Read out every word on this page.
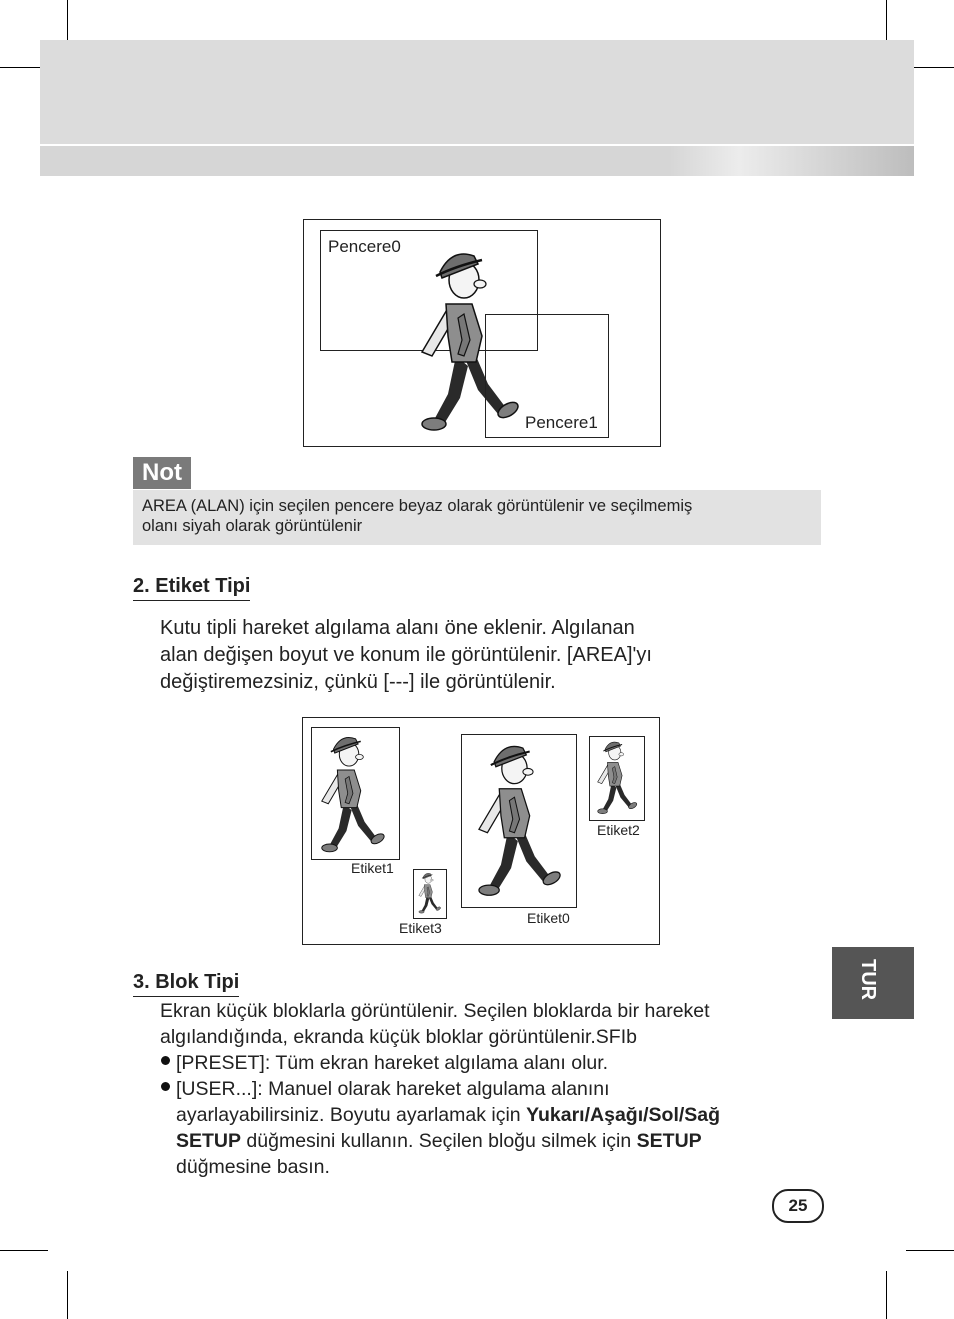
Pencere0
Pencere1
Not
AREA (ALAN) için seçilen pencere beyaz olarak görüntülenir ve seçilmemiş
olanı siyah olarak görüntülenir
2. Etiket Tipi
Kutu tipli hareket algılama alanı öne eklenir. Algılanan
alan değişen boyut ve konum ile görüntülenir. [AREA]'yı
değiştiremezsiniz, çünkü [---] ile görüntülenir.
Etiket1
Etiket3
Etiket0
Etiket2
3. Blok Tipi
Ekran küçük bloklarla görüntülenir. Seçilen bloklarda bir hareket
algılandığında, ekranda küçük bloklar görüntülenir.SFIb
[PRESET]: Tüm ekran hareket algılama alanı olur.
[USER...]: Manuel olarak hareket algulama alanını
ayarlayabilirsiniz. Boyutu ayarlamak için Yukarı/Aşağı/Sol/Sağ
SETUP düğmesini kullanın. Seçilen bloğu silmek için SETUP
düğmesine basın.
TUR
25
